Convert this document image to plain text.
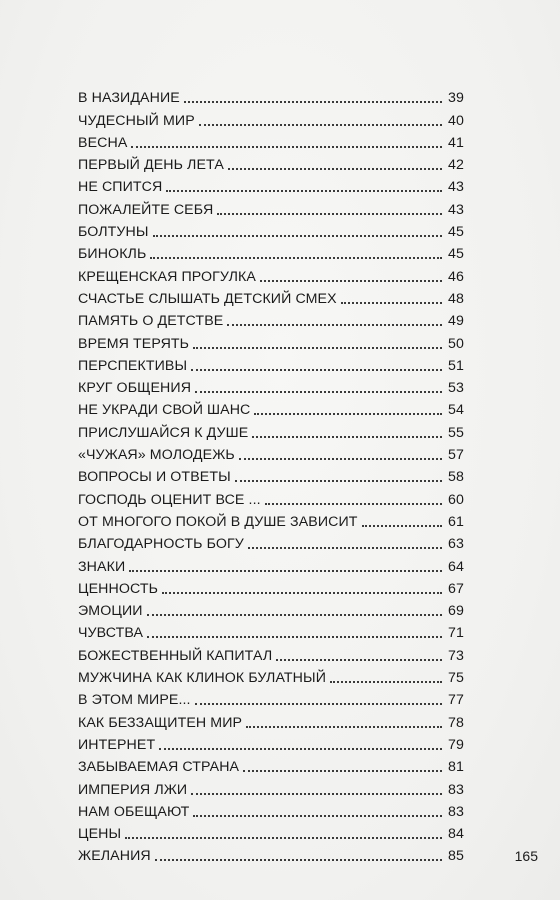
В НАЗИДАНИЕ	39
ЧУДЕСНЫЙ МИР	40
ВЕСНА	41
ПЕРВЫЙ ДЕНЬ ЛЕТА	42
НЕ СПИТСЯ	43
ПОЖАЛЕЙТЕ СЕБЯ	43
БОЛТУНЫ	45
БИНОКЛЬ	45
КРЕЩЕНСКАЯ ПРОГУЛКА	46
СЧАСТЬЕ СЛЫШАТЬ ДЕТСКИЙ СМЕХ	48
ПАМЯТЬ О ДЕТСТВЕ	49
ВРЕМЯ ТЕРЯТЬ	50
ПЕРСПЕКТИВЫ	51
КРУГ ОБЩЕНИЯ	53
НЕ УКРАДИ СВОЙ ШАНС	54
ПРИСЛУШАЙСЯ К ДУШЕ	55
«ЧУЖАЯ» МОЛОДЕЖЬ	57
ВОПРОСЫ И ОТВЕТЫ	58
ГОСПОДЬ ОЦЕНИТ ВСЕ ...	60
ОТ МНОГОГО ПОКОЙ В ДУШЕ ЗАВИСИТ	61
БЛАГОДАРНОСТЬ БОГУ	63
ЗНАКИ	64
ЦЕННОСТЬ	67
ЭМОЦИИ	69
ЧУВСТВА	71
БОЖЕСТВЕННЫЙ КАПИТАЛ	73
МУЖЧИНА КАК КЛИНОК БУЛАТНЫЙ	75
В ЭТОМ МИРЕ...	77
КАК БЕЗЗАЩИТЕН МИР	78
ИНТЕРНЕТ	79
ЗАБЫВАЕМАЯ СТРАНА	81
ИМПЕРИЯ ЛЖИ	83
НАМ ОБЕЩАЮТ	83
ЦЕНЫ	84
ЖЕЛАНИЯ	85	165
